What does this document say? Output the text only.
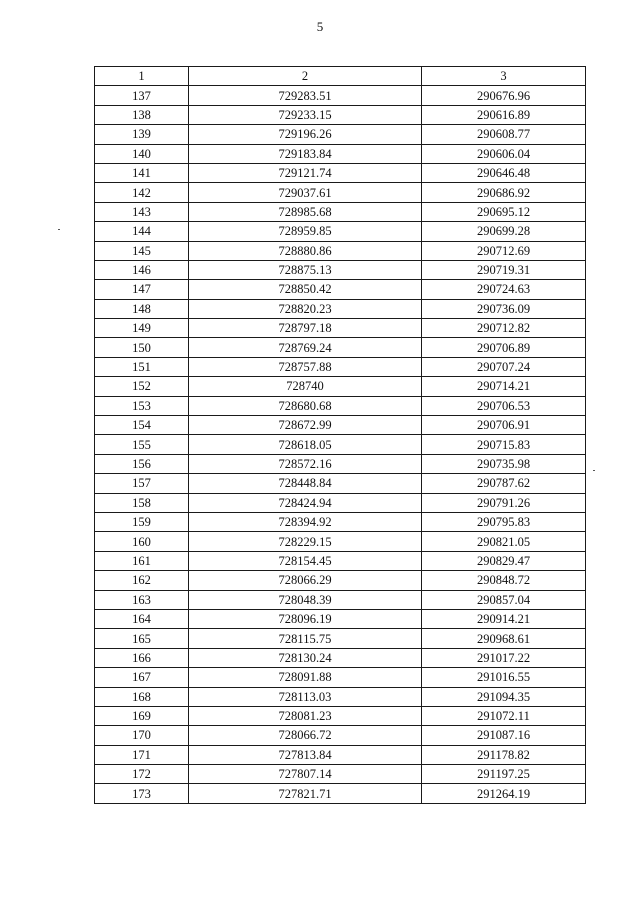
5
1	2	3
137	729283.51	290676.96
138	729233.15	290616.89
139	729196.26	290608.77
140	729183.84	290606.04
141	729121.74	290646.48
142	729037.61	290686.92
143	728985.68	290695.12
144	728959.85	290699.28
145	728880.86	290712.69
146	728875.13	290719.31
147	728850.42	290724.63
148	728820.23	290736.09
149	728797.18	290712.82
150	728769.24	290706.89
151	728757.88	290707.24
152	728740	290714.21
153	728680.68	290706.53
154	728672.99	290706.91
155	728618.05	290715.83
156	728572.16	290735.98
157	728448.84	290787.62
158	728424.94	290791.26
159	728394.92	290795.83
160	728229.15	290821.05
161	728154.45	290829.47
162	728066.29	290848.72
163	728048.39	290857.04
164	728096.19	290914.21
165	728115.75	290968.61
166	728130.24	291017.22
167	728091.88	291016.55
168	728113.03	291094.35
169	728081.23	291072.11
170	728066.72	291087.16
171	727813.84	291178.82
172	727807.14	291197.25
173	727821.71	291264.19
